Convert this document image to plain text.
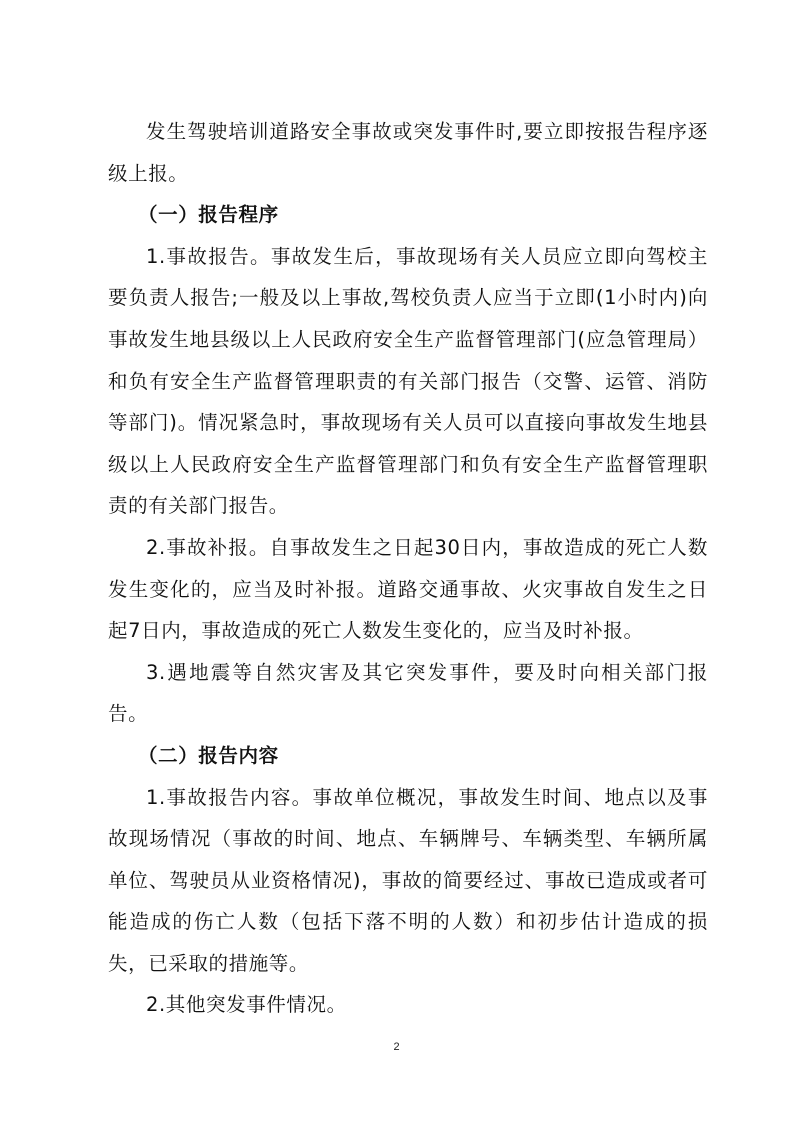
发生驾驶培训道路安全事故或突发事件时,要立即按报告程序逐级上报。

（一）报告程序

1.事故报告。事故发生后，事故现场有关人员应立即向驾校主要负责人报告;一般及以上事故,驾校负责人应当于立即(1小时内)向事故发生地县级以上人民政府安全生产监督管理部门(应急管理局）和负有安全生产监督管理职责的有关部门报告（交警、运管、消防等部门)。情况紧急时，事故现场有关人员可以直接向事故发生地县级以上人民政府安全生产监督管理部门和负有安全生产监督管理职责的有关部门报告。

2.事故补报。自事故发生之日起30日内，事故造成的死亡人数发生变化的，应当及时补报。道路交通事故、火灾事故自发生之日起7日内，事故造成的死亡人数发生变化的，应当及时补报。

3.遇地震等自然灾害及其它突发事件，要及时向相关部门报告。

（二）报告内容

1.事故报告内容。事故单位概况，事故发生时间、地点以及事故现场情况（事故的时间、地点、车辆牌号、车辆类型、车辆所属单位、驾驶员从业资格情况)，事故的简要经过、事故已造成或者可能造成的伤亡人数（包括下落不明的人数）和初步估计造成的损失，已采取的措施等。

2.其他突发事件情况。

2
